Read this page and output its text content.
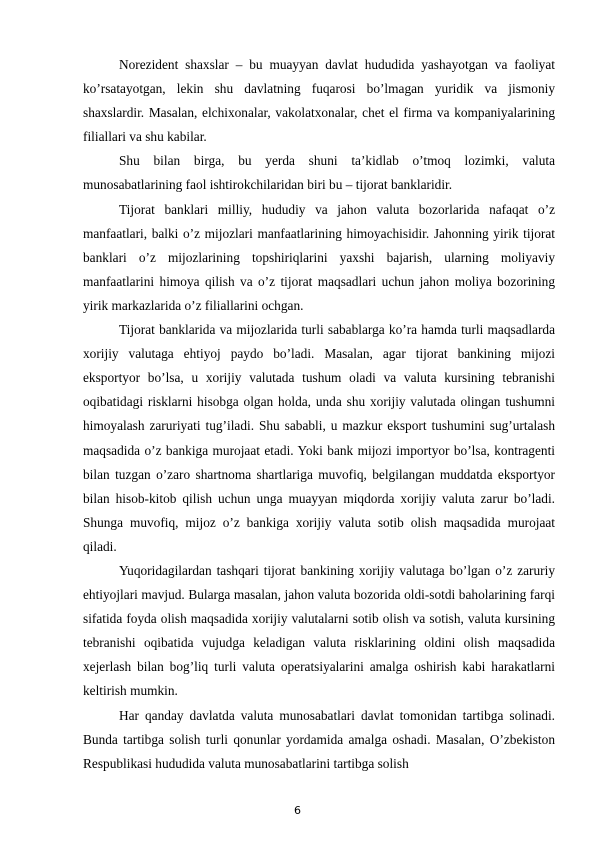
Norezident shaxslar – bu muayyan davlat hududida yashayotgan va faoliyat ko’rsatayotgan, lekin shu davlatning fuqarosi bo’lmagan yuridik va jismoniy shaxslardir. Masalan, elchixonalar, vakolatxonalar, chet el firma va kompaniyalarining filiallari va shu kabilar.

Shu bilan birga, bu yerda shuni ta’kidlab o’tmoq lozimki, valuta munosabatlarining faol ishtirokchilaridan biri bu – tijorat banklaridir.

Tijorat banklari milliy, hududiy va jahon valuta bozorlarida nafaqat o’z manfaatlari, balki o’z mijozlari manfaatlarining himoyachisidir. Jahonning yirik tijorat banklari o’z mijozlarining topshiriqlarini yaxshi bajarish, ularning moliyaviy manfaatlarini himoya qilish va o’z tijorat maqsadlari uchun jahon moliya bozorining yirik markazlarida o’z filiallarini ochgan.

Tijorat banklarida va mijozlarida turli sabablarga ko’ra hamda turli maqsadlarda xorijiy valutaga ehtiyoj paydo bo’ladi. Masalan, agar tijorat bankining mijozi eksportyor bo’lsa, u xorijiy valutada tushum oladi va valuta kursining tebranishi oqibatidagi risklarni hisobga olgan holda, unda shu xorijiy valutada olingan tushumni himoyalash zaruriyati tug’iladi. Shu sababli, u mazkur eksport tushumini sug’urtalash maqsadida o’z bankiga murojaat etadi. Yoki bank mijozi importyor bo’lsa, kontragenti bilan tuzgan o’zaro shartnoma shartlariga muvofiq, belgilangan muddatda eksportyor bilan hisob-kitob qilish uchun unga muayyan miqdorda xorijiy valuta zarur bo’ladi. Shunga muvofiq, mijoz o’z bankiga xorijiy valuta sotib olish maqsadida murojaat qiladi.

Yuqoridagilardan tashqari tijorat bankining xorijiy valutaga bo’lgan o’z zaruriy ehtiyojlari mavjud. Bularga masalan, jahon valuta bozorida oldi-sotdi baholarining farqi sifatida foyda olish maqsadida xorijiy valutalarni sotib olish va sotish, valuta kursining tebranishi oqibatida vujudga keladigan valuta risklarining oldini olish maqsadida xejerlash bilan bog’liq turli valuta operatsiyalarini amalga oshirish kabi harakatlarni keltirish mumkin.

Har qanday davlatda valuta munosabatlari davlat tomonidan tartibga solinadi. Bunda tartibga solish turli qonunlar yordamida amalga oshadi. Masalan, O’zbekiston Respublikasi hududida valuta munosabatlarini tartibga solish

6
